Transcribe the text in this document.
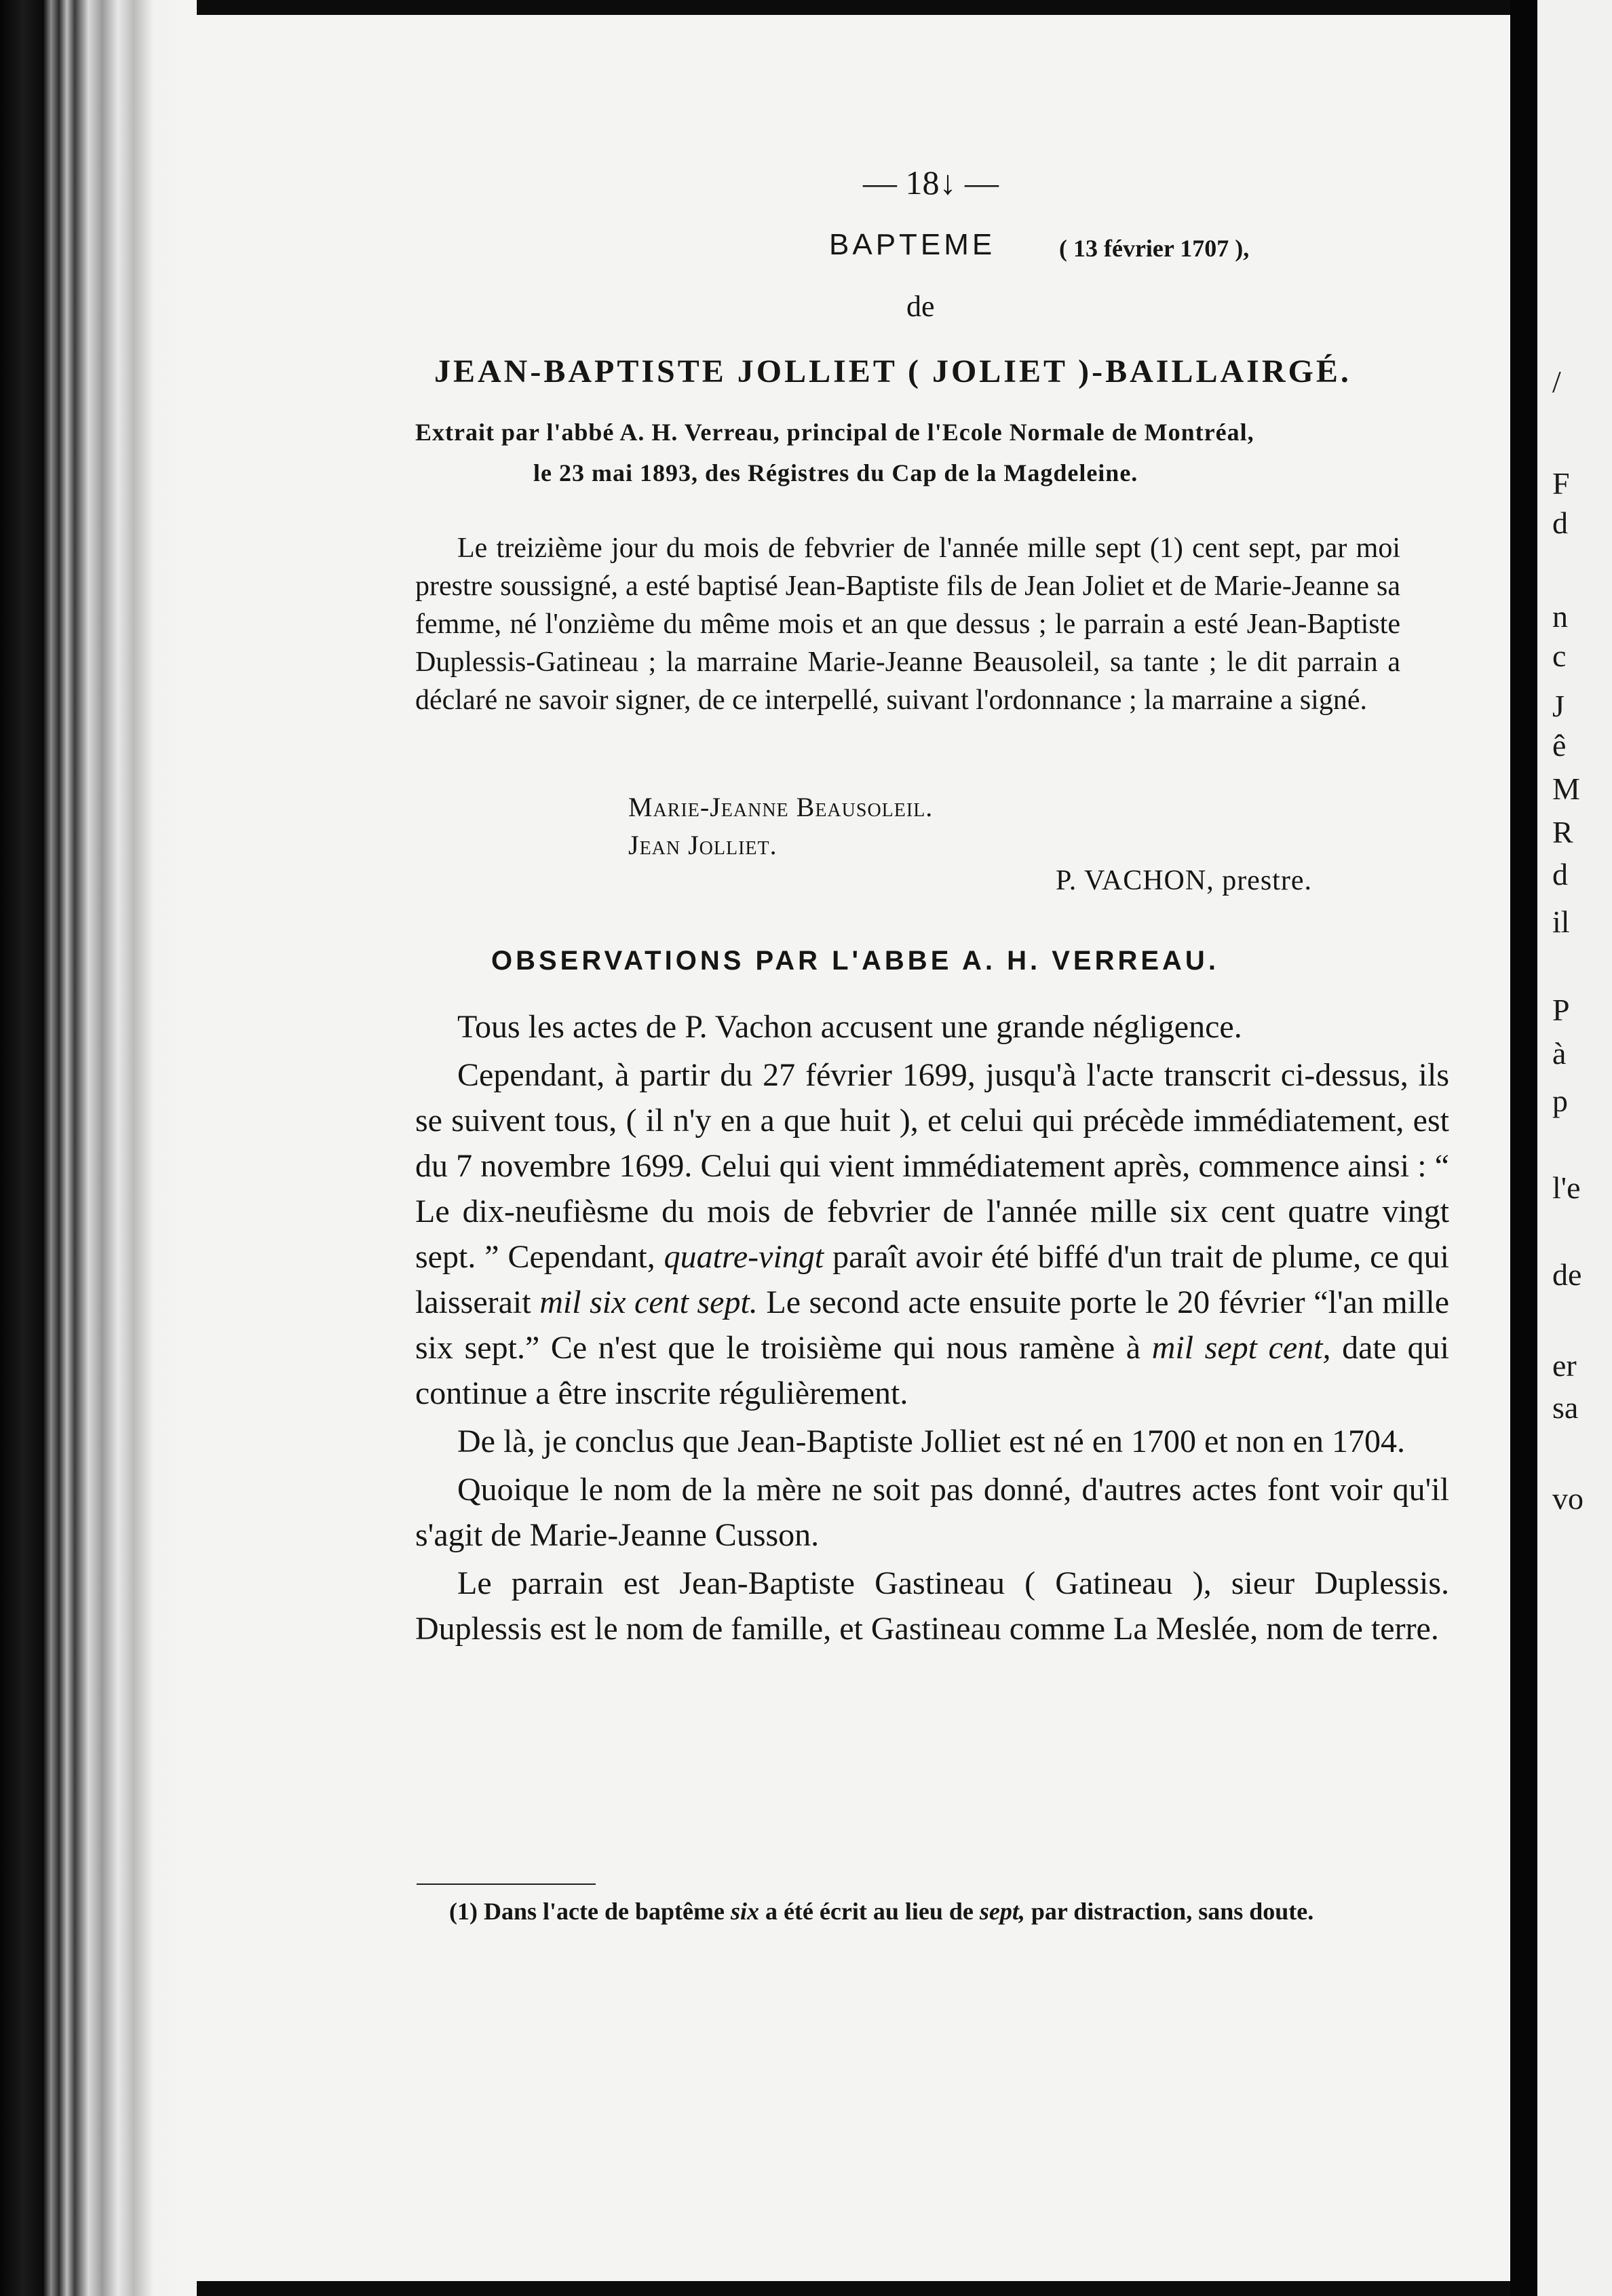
/
F
d
n
c
J
ê
M
R
d
il
P
à
p
l'e
de
er
sa
vo
— 18↓ —
BAPTEME	( 13 février 1707 ),
de
JEAN-BAPTISTE JOLLIET ( JOLIET )-BAILLAIRGÉ.
Extrait par l'abbé A. H. Verreau, principal de l'Ecole Normale de Montréal,
le 23 mai 1893, des Régistres du Cap de la Magdeleine.

Le treizième jour du mois de febvrier de l'année mille sept (1) cent sept, par moi prestre soussigné, a esté baptisé Jean-Baptiste fils de Jean Joliet et de Marie-Jeanne sa femme, né l'onzième du même mois et an que dessus ; le parrain a esté Jean-Baptiste Duplessis-Gatineau ; la marraine Marie-Jeanne Beausoleil, sa tante ; le dit parrain a déclaré ne savoir signer, de ce interpellé, suivant l'ordonnance ; la marraine a signé.

Marie-Jeanne Beausoleil.
Jean Jolliet.
P. VACHON, prestre.
OBSERVATIONS PAR L'ABBE A. H. VERREAU.

Tous les actes de P. Vachon accusent une grande négligence.

Cependant, à partir du 27 février 1699, jusqu'à l'acte transcrit ci-dessus, ils se suivent tous, ( il n'y en a que huit ), et celui qui précède immédiatement, est du 7 novembre 1699. Celui qui vient immédiatement après, commence ainsi : “ Le dix-neufièsme du mois de febvrier de l'année mille six cent quatre vingt sept. ” Cependant, quatre-vingt paraît avoir été biffé d'un trait de plume, ce qui laisserait mil six cent sept. Le second acte ensuite porte le 20 février “l'an mille six sept.” Ce n'est que le troisième qui nous ramène à mil sept cent, date qui continue a être inscrite régulièrement.

De là, je conclus que Jean-Baptiste Jolliet est né en 1700 et non en 1704.

Quoique le nom de la mère ne soit pas donné, d'autres actes font voir qu'il s'agit de Marie-Jeanne Cusson.

Le parrain est Jean-Baptiste Gastineau ( Gatineau ), sieur Duplessis. Duplessis est le nom de famille, et Gastineau comme La Meslée, nom de terre.

(1) Dans l'acte de baptême six a été écrit au lieu de sept, par distraction, sans doute.
